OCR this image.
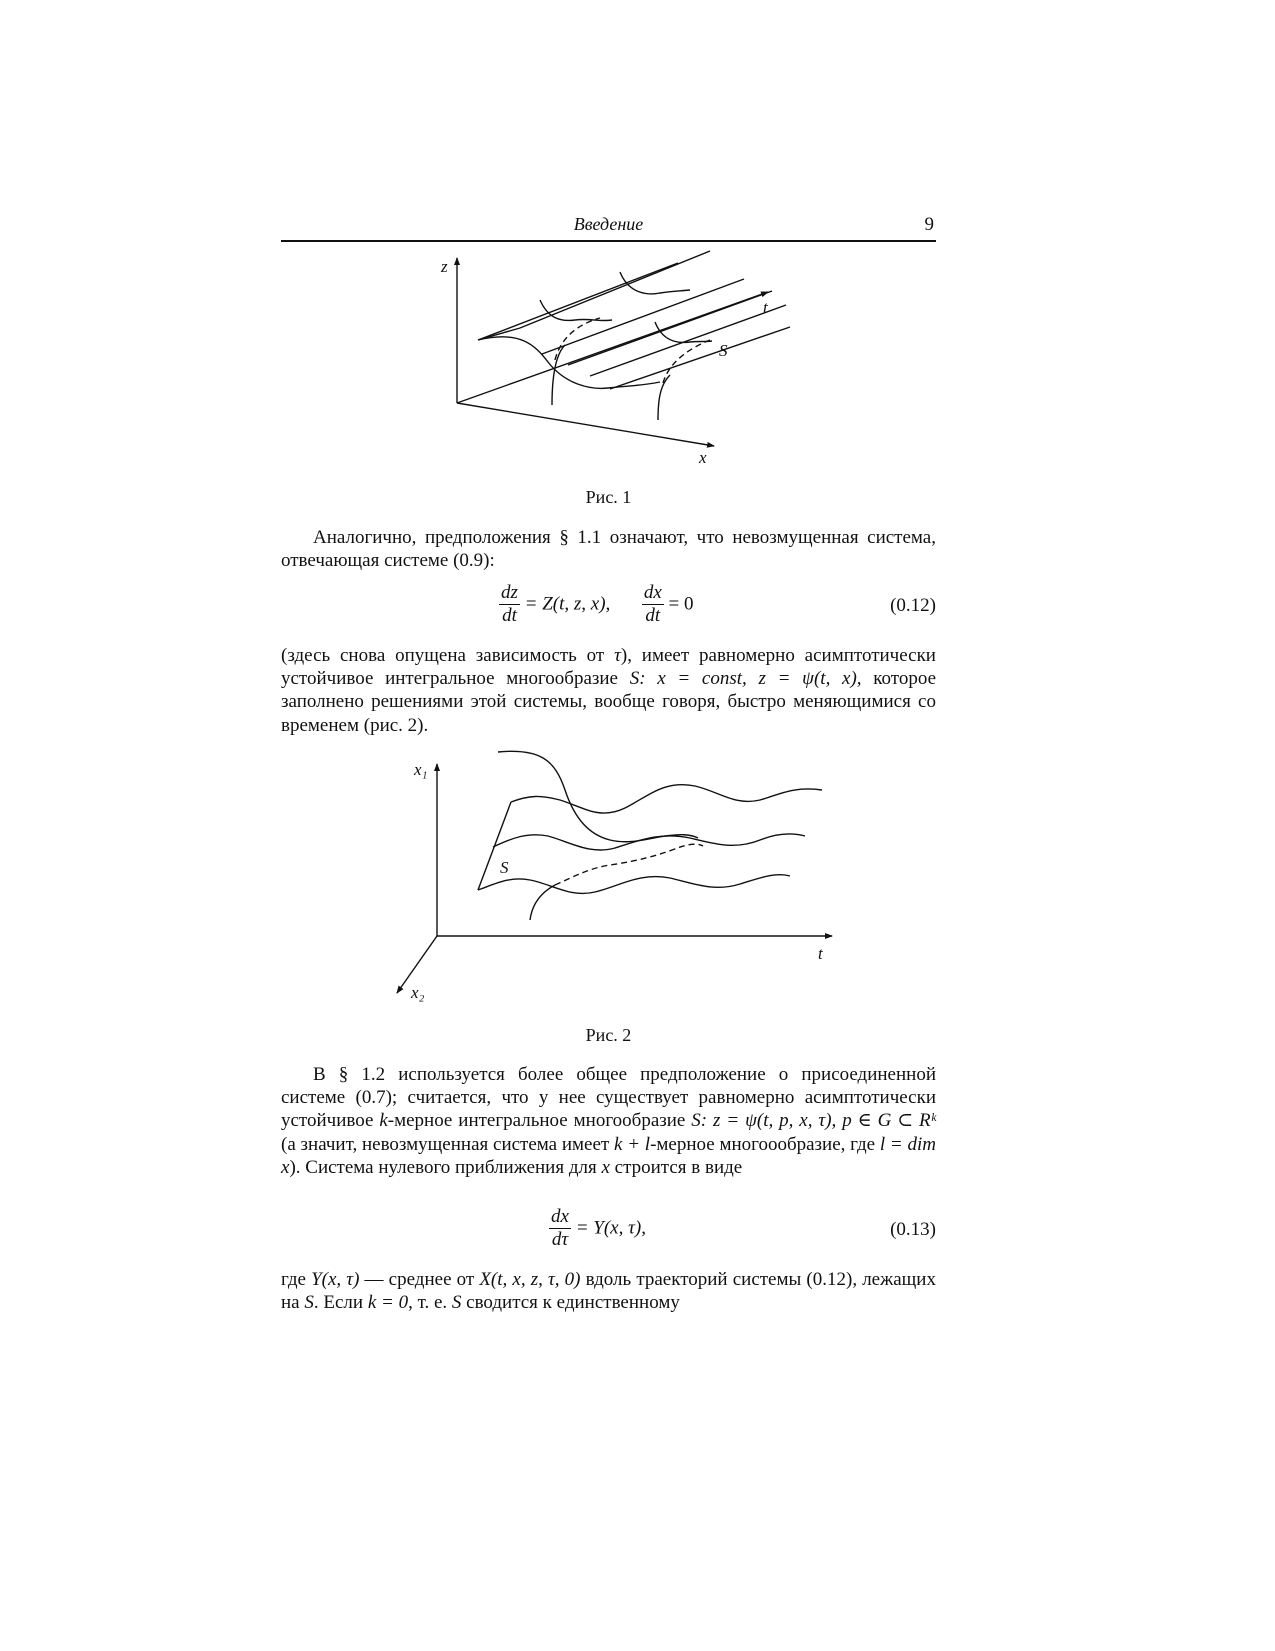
Введение	9
z
t
S
x
Рис. 1
Аналогично, предположения § 1.1 означают, что невозмущенная система, отвечающая системе (0.9):
$\frac{dz}{dt} = Z(t$, z, x), $\frac{dx}{dt} = 0$	(0.12)
(здесь снова опущена зависимость от τ), имеет равномерно асимптотически устойчивое интегральное многообразие S: x = const, z = ψ(t, x), которое заполнено решениями этой системы, вообще говоря, быстро меняющимися со временем (рис. 2).
x₁
S
t
x₂
Рис. 2
В § 1.2 используется более общее предположение о присоединенной системе (0.7); считается, что у нее существует равномерно асимптотически устойчивое k-мерное интегральное многообразие S: z = ψ(t, p, x, τ), p ∈ G ⊂ Rᵏ (а значит, невозмущенная система имеет k + l-мерное многоообразие, где l = dim x). Система нулевого приближения для x строится в виде
$\frac{dx}{d\tau} = Y(x$, τ),	(0.13)
где Y(x, τ) — среднее от X(t, x, z, τ, 0) вдоль траекторий системы (0.12), лежащих на S. Если k = 0, т. е. S сводится к единственному
